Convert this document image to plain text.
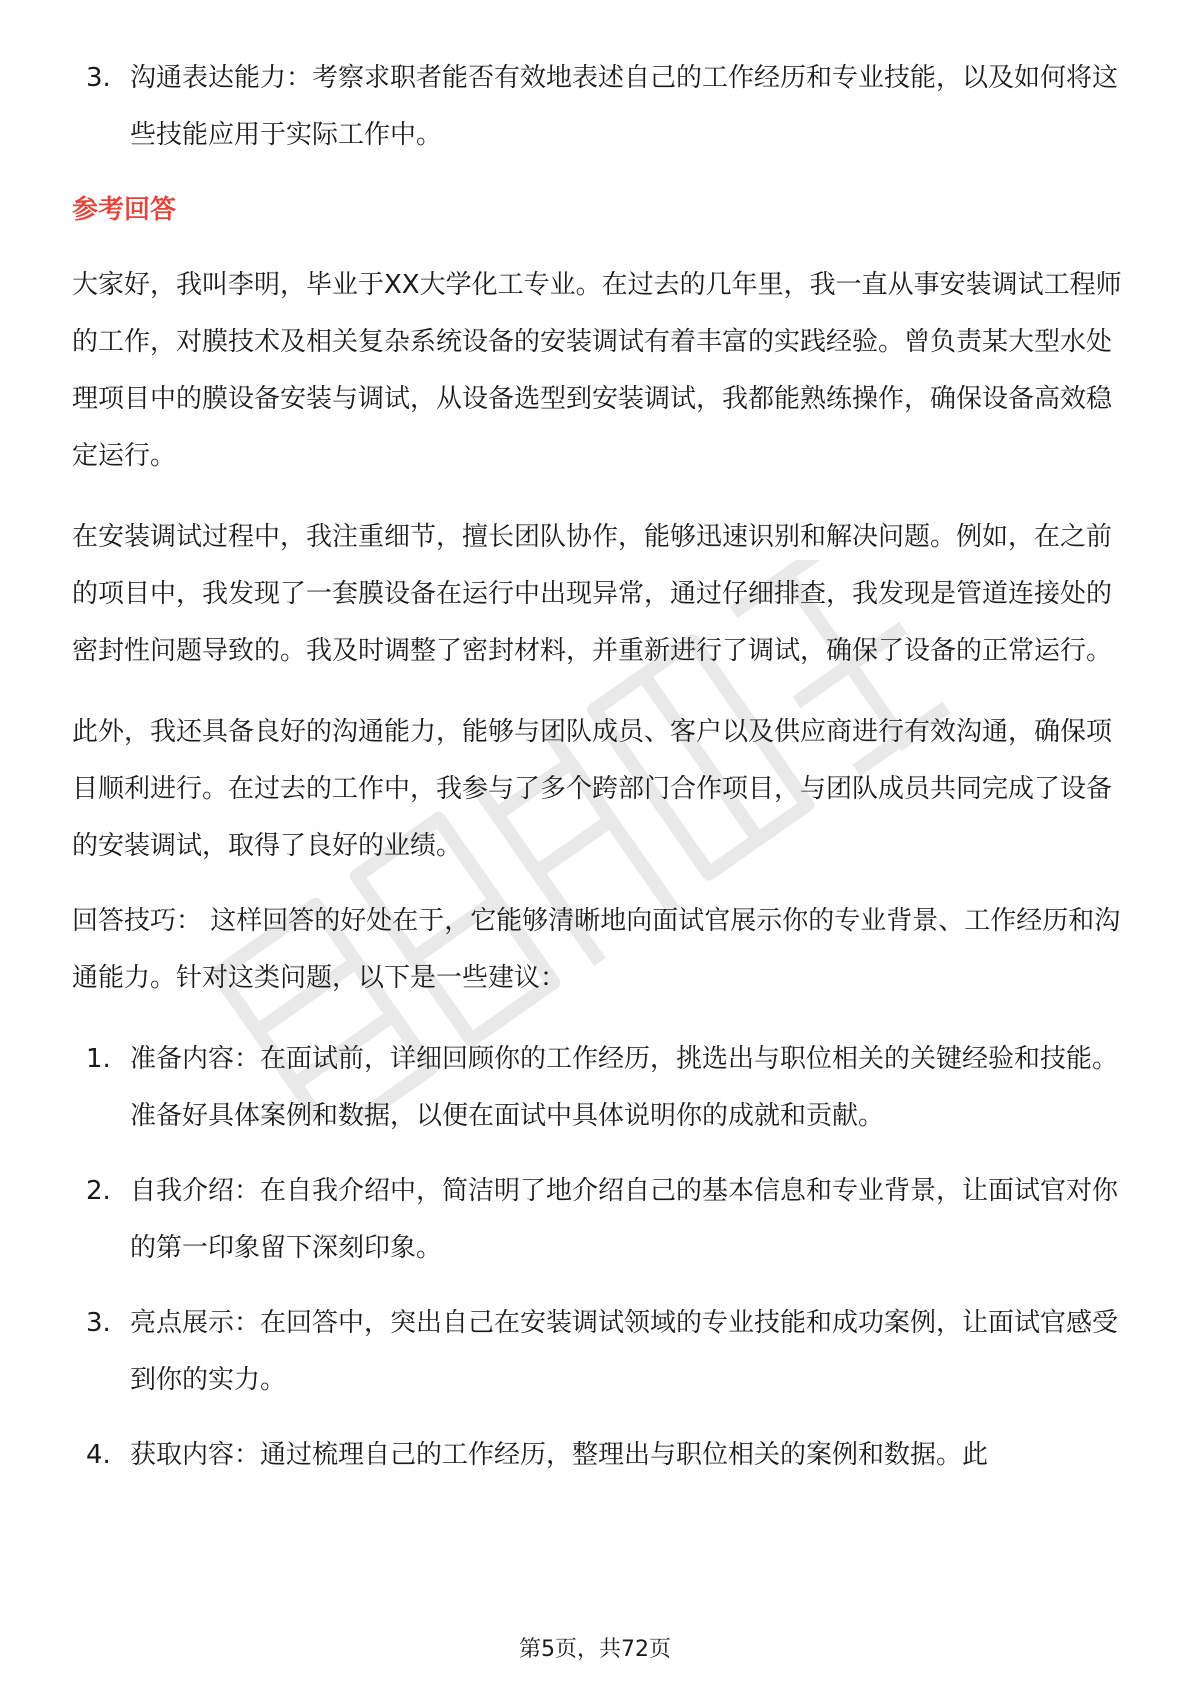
3. 沟通表达能力：考察求职者能否有效地表述自己的工作经历和专业技能，以及如何将这些技能应用于实际工作中。
参考回答
大家好，我叫李明，毕业于XX大学化工专业。在过去的几年里，我一直从事安装调试工程师的工作，对膜技术及相关复杂系统设备的安装调试有着丰富的实践经验。曾负责某大型水处理项目中的膜设备安装与调试，从设备选型到安装调试，我都能熟练操作，确保设备高效稳定运行。
在安装调试过程中，我注重细节，擅长团队协作，能够迅速识别和解决问题。例如，在之前的项目中，我发现了一套膜设备在运行中出现异常，通过仔细排查，我发现是管道连接处的密封性问题导致的。我及时调整了密封材料，并重新进行了调试，确保了设备的正常运行。
此外，我还具备良好的沟通能力，能够与团队成员、客户以及供应商进行有效沟通，确保项目顺利进行。在过去的工作中，我参与了多个跨部门合作项目，与团队成员共同完成了设备的安装调试，取得了良好的业绩。
回答技巧： 这样回答的好处在于，它能够清晰地向面试官展示你的专业背景、工作经历和沟通能力。针对这类问题，以下是一些建议：
1. 准备内容：在面试前，详细回顾你的工作经历，挑选出与职位相关的关键经验和技能。准备好具体案例和数据，以便在面试中具体说明你的成就和贡献。
2. 自我介绍：在自我介绍中，简洁明了地介绍自己的基本信息和专业背景，让面试官对你的第一印象留下深刻印象。
3. 亮点展示：在回答中，突出自己在安装调试领域的专业技能和成功案例，让面试官感受到你的实力。
4. 获取内容：通过梳理自己的工作经历，整理出与职位相关的案例和数据。此
第5页，共72页
